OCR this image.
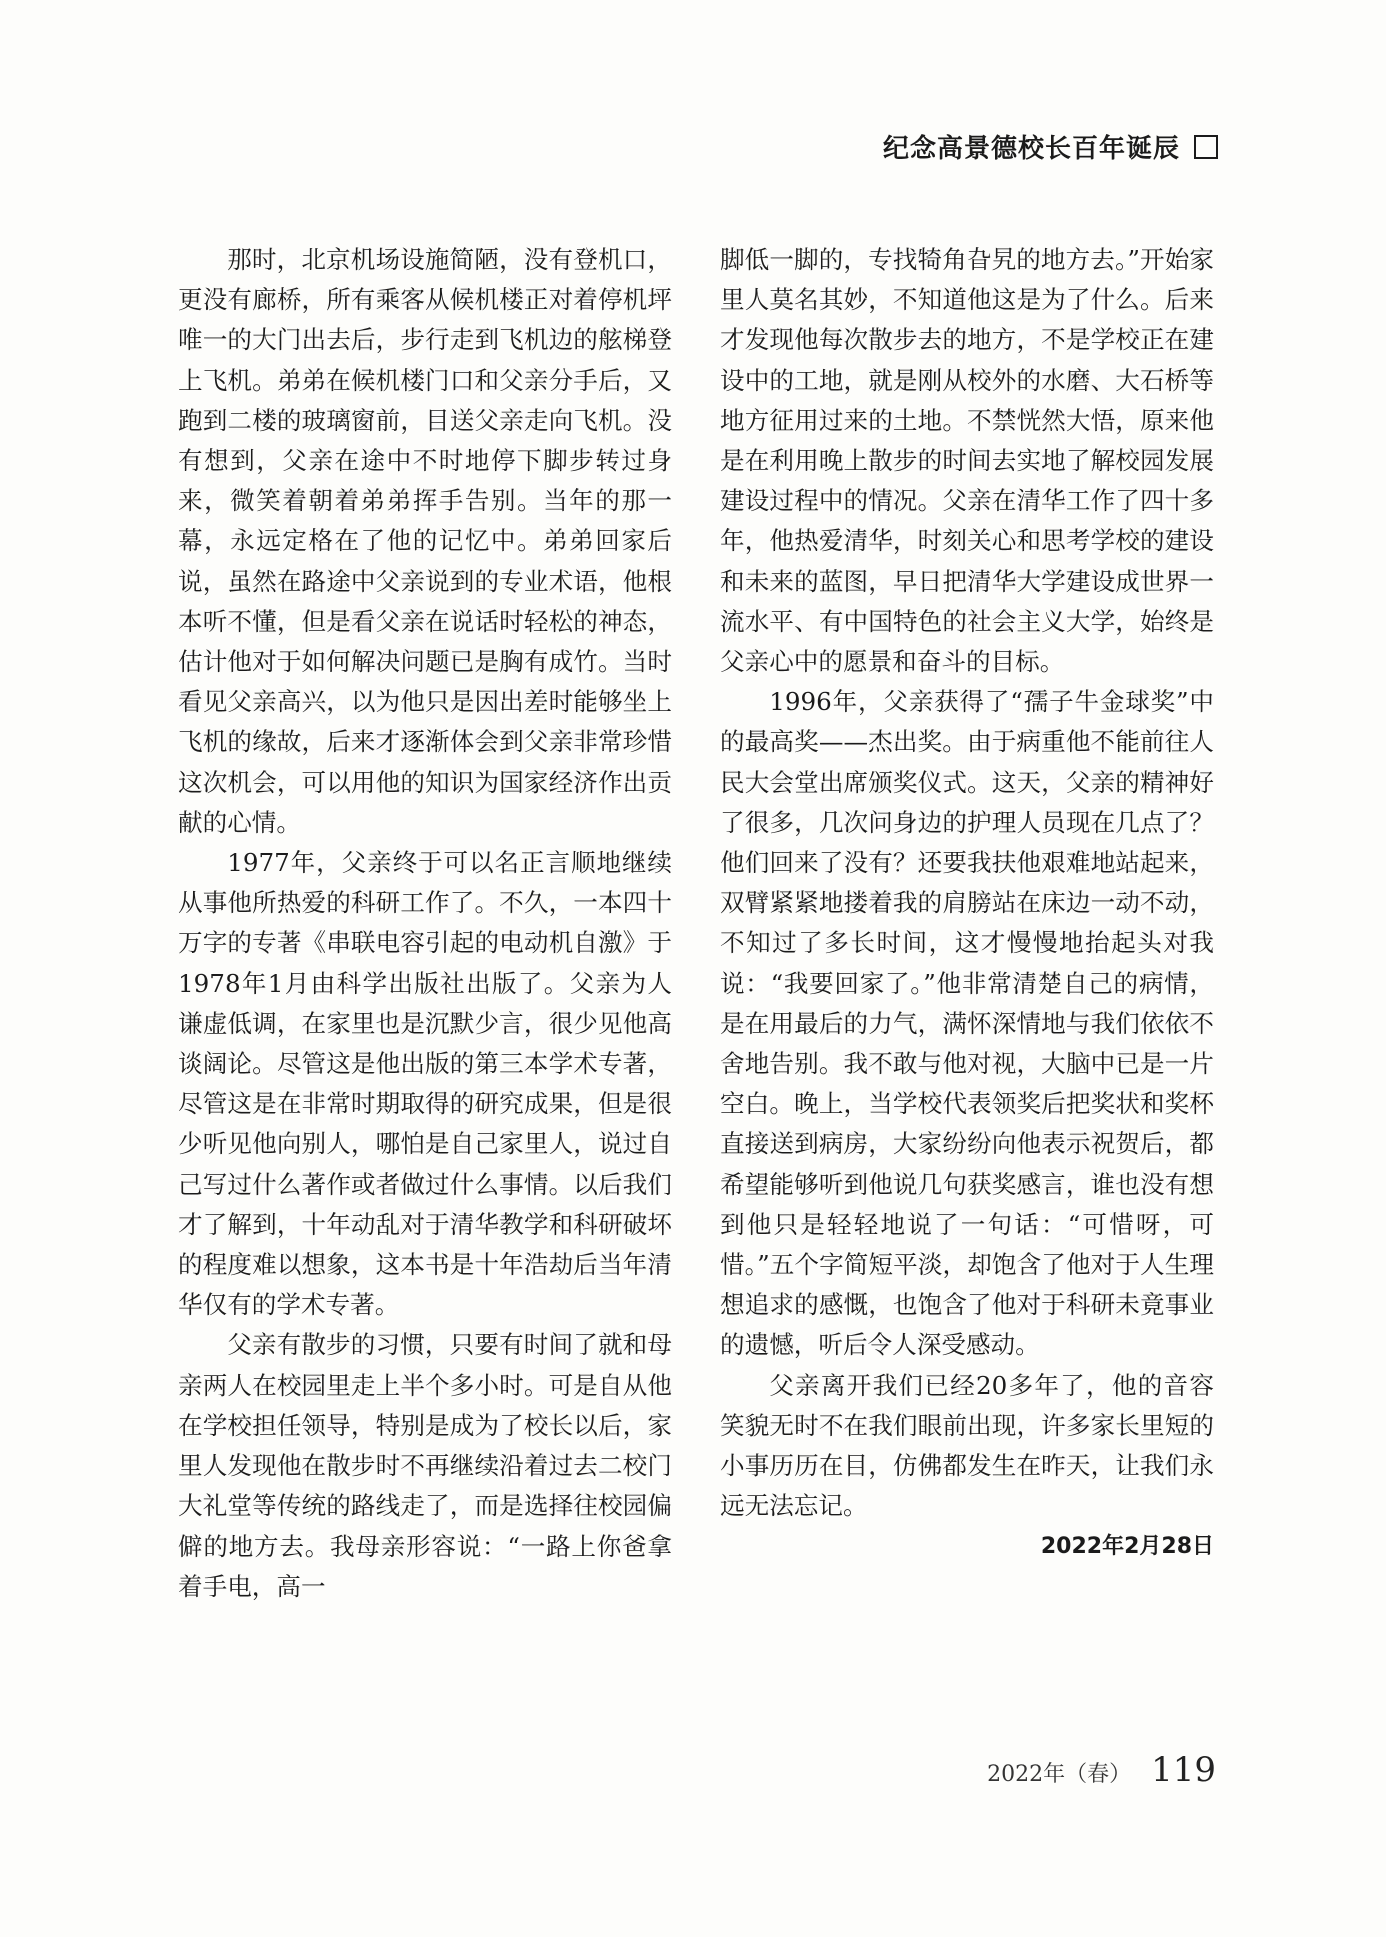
纪念高景德校长百年诞辰

那时，北京机场设施简陋，没有登机口，更没有廊桥，所有乘客从候机楼正对着停机坪唯一的大门出去后，步行走到飞机边的舷梯登上飞机。弟弟在候机楼门口和父亲分手后，又跑到二楼的玻璃窗前，目送父亲走向飞机。没有想到，父亲在途中不时地停下脚步转过身来，微笑着朝着弟弟挥手告别。当年的那一幕，永远定格在了他的记忆中。弟弟回家后说，虽然在路途中父亲说到的专业术语，他根本听不懂，但是看父亲在说话时轻松的神态，估计他对于如何解决问题已是胸有成竹。当时看见父亲高兴，以为他只是因出差时能够坐上飞机的缘故，后来才逐渐体会到父亲非常珍惜这次机会，可以用他的知识为国家经济作出贡献的心情。

1977年，父亲终于可以名正言顺地继续从事他所热爱的科研工作了。不久，一本四十万字的专著《串联电容引起的电动机自激》于1978年1月由科学出版社出版了。父亲为人谦虚低调，在家里也是沉默少言，很少见他高谈阔论。尽管这是他出版的第三本学术专著，尽管这是在非常时期取得的研究成果，但是很少听见他向别人，哪怕是自己家里人，说过自己写过什么著作或者做过什么事情。以后我们才了解到，十年动乱对于清华教学和科研破坏的程度难以想象，这本书是十年浩劫后当年清华仅有的学术专著。

父亲有散步的习惯，只要有时间了就和母亲两人在校园里走上半个多小时。可是自从他在学校担任领导，特别是成为了校长以后，家里人发现他在散步时不再继续沿着过去二校门大礼堂等传统的路线走了，而是选择往校园偏僻的地方去。我母亲形容说：“一路上你爸拿着手电，高一

脚低一脚的，专找犄角旮旯的地方去。”开始家里人莫名其妙，不知道他这是为了什么。后来才发现他每次散步去的地方，不是学校正在建设中的工地，就是刚从校外的水磨、大石桥等地方征用过来的土地。不禁恍然大悟，原来他是在利用晚上散步的时间去实地了解校园发展建设过程中的情况。父亲在清华工作了四十多年，他热爱清华，时刻关心和思考学校的建设和未来的蓝图，早日把清华大学建设成世界一流水平、有中国特色的社会主义大学，始终是父亲心中的愿景和奋斗的目标。

1996年，父亲获得了“孺子牛金球奖”中的最高奖——杰出奖。由于病重他不能前往人民大会堂出席颁奖仪式。这天，父亲的精神好了很多，几次问身边的护理人员现在几点了？他们回来了没有？还要我扶他艰难地站起来，双臂紧紧地搂着我的肩膀站在床边一动不动，不知过了多长时间，这才慢慢地抬起头对我说：“我要回家了。”他非常清楚自己的病情，是在用最后的力气，满怀深情地与我们依依不舍地告别。我不敢与他对视，大脑中已是一片空白。晚上，当学校代表领奖后把奖状和奖杯直接送到病房，大家纷纷向他表示祝贺后，都希望能够听到他说几句获奖感言，谁也没有想到他只是轻轻地说了一句话：“可惜呀，可惜。”五个字简短平淡，却饱含了他对于人生理想追求的感慨，也饱含了他对于科研未竟事业的遗憾，听后令人深受感动。

父亲离开我们已经20多年了，他的音容笑貌无时不在我们眼前出现，许多家长里短的小事历历在目，仿佛都发生在昨天，让我们永远无法忘记。

2022年2月28日

2022年（春） 119
